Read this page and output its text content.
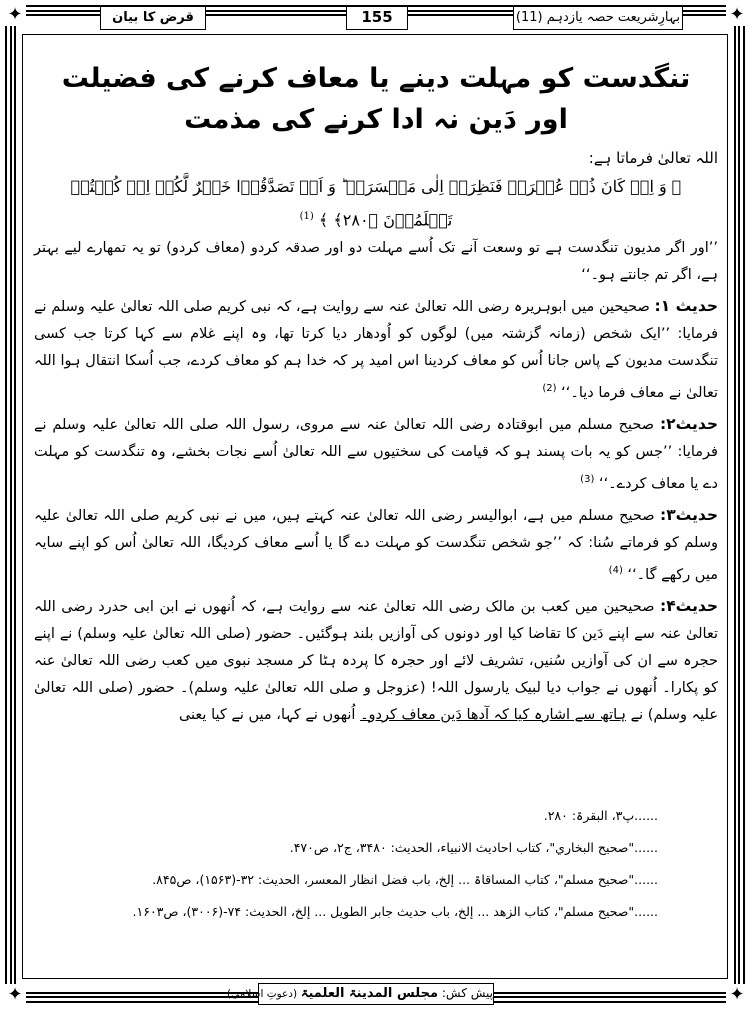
✦	✦
✦	✦
بہارِشریعت حصہ یازدہم (11)
155
قرض کا بیان
تنگدست کو مہلت دینے یا معاف کرنے کی فضیلت
اور دَین نہ ادا کرنے کی مذمت

اللہ تعالیٰ فرماتا ہے:

﴿ وَ اِنۡ کَانَ ذُوۡ عُسۡرَۃٍ فَنَظِرَۃٌ اِلٰی مَیۡسَرَۃٍ ؕ وَ اَنۡ تَصَدَّقُوۡا خَیۡرٌ لَّکُمۡ اِنۡ کُنۡتُمۡ تَعۡلَمُوۡنَ ﴿۲۸۰﴾ ﴾ $^{(1)}$

’’اور اگر مدیون تنگدست ہے تو وسعت آنے تک اُسے مہلت دو اور صدقہ کردو (معاف کردو) تو یہ تمھارے لیے بہتر ہے، اگر تم جانتے ہو۔‘‘

حدیث ۱: صحیحین میں ابوہریرہ رضی اللہ تعالیٰ عنہ سے روایت ہے، کہ نبی کریم صلی اللہ تعالیٰ علیہ وسلم نے فرمایا: ’’ایک شخص (زمانہ گزشتہ میں) لوگوں کو اُودھار دیا کرتا تھا، وہ اپنے غلام سے کہا کرتا جب کسی تنگدست مدیون کے پاس جانا اُس کو معاف کردینا اس امید پر کہ خدا ہم کو معاف کردے، جب اُسکا انتقال ہوا اللہ تعالیٰ نے معاف فرما دیا۔‘‘ $^{(2)}$

حدیث۲: صحیح مسلم میں ابوقتادہ رضی اللہ تعالیٰ عنہ سے مروی، رسول اللہ صلی اللہ تعالیٰ علیہ وسلم نے فرمایا: ’’جس کو یہ بات پسند ہو کہ قیامت کی سختیوں سے اللہ تعالیٰ اُسے نجات بخشے، وہ تنگدست کو مہلت دے یا معاف کردے۔‘‘ $^{(3)}$

حدیث۳: صحیح مسلم میں ہے، ابوالیسر رضی اللہ تعالیٰ عنہ کہتے ہیں، میں نے نبی کریم صلی اللہ تعالیٰ علیہ وسلم کو فرماتے سُنا: کہ ’’جو شخص تنگدست کو مہلت دے گا یا اُسے معاف کردیگا، اللہ تعالیٰ اُس کو اپنے سایہ میں رکھے گا۔‘‘ $^{(4)}$

حدیث۴: صحیحین میں کعب بن مالک رضی اللہ تعالیٰ عنہ سے روایت ہے، کہ اُنھوں نے ابن ابی حدرد رضی اللہ تعالیٰ عنہ سے اپنے دَین کا تقاضا کیا اور دونوں کی آوازیں بلند ہوگئیں۔ حضور (صلی اللہ تعالیٰ علیہ وسلم) نے اپنے حجرہ سے ان کی آوازیں سُنیں، تشریف لائے اور حجرہ کا پردہ ہٹا کر مسجد نبوی میں کعب رضی اللہ تعالیٰ عنہ کو پکارا۔ اُنھوں نے جواب دیا لبیک یارسول اللہ! (عزوجل و صلی اللہ تعالیٰ علیہ وسلم)۔ حضور (صلی اللہ تعالیٰ علیہ وسلم) نے ہاتھ سے اشارہ کیا کہ آدھا دَین معاف کردو۔ اُنھوں نے کہا، میں نے کیا یعنی

......پ۳، البقرۃ: ۲۸۰.

......"صحیح البخاري"، کتاب احادیث الانبیاء، الحدیث: ۳۴۸۰، ج۲، ص۴۷۰.

......"صحیح مسلم"، کتاب المساقاۃ ... إلخ، باب فضل انظار المعسر، الحدیث: ۳۲-(۱۵۶۳)، ص۸۴۵.

......"صحیح مسلم"، کتاب الزھد ... إلخ، باب حدیث جابر الطویل ... إلخ، الحدیث: ۷۴-(۳۰۰۶)، ص۱۶۰۳.

پیش کش: مجلس المدینۃ العلمیۃ (دعوتِ اسلامی)
